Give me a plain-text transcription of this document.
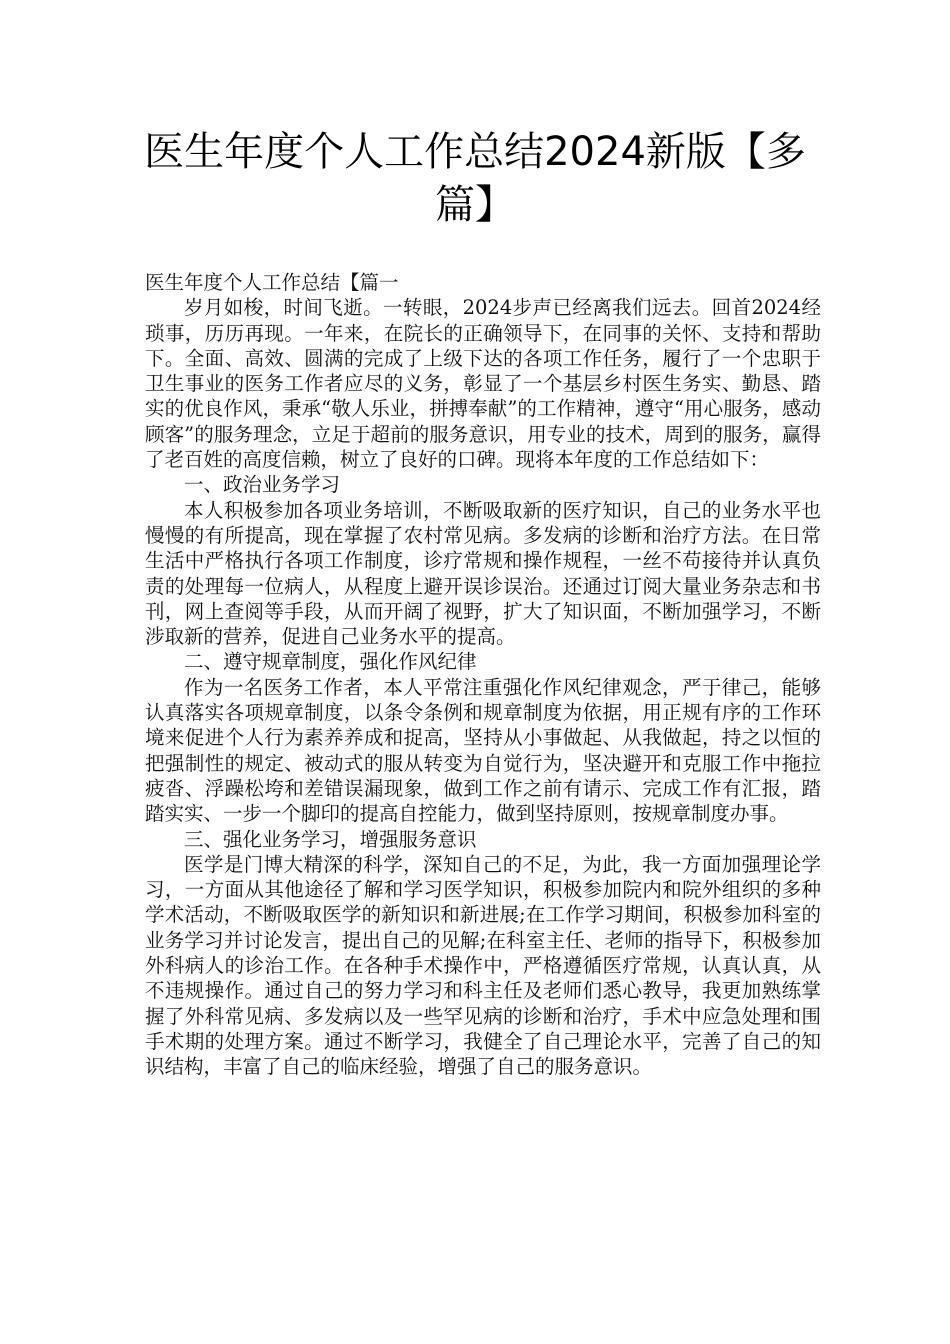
医生年度个人工作总结2024新版【多篇】

医生年度个人工作总结【篇一

岁月如梭，时间飞逝。一转眼，2024步声已经离我们远去。回首2024经琐事，历历再现。一年来，在院长的正确领导下，在同事的关怀、支持和帮助下。全面、高效、圆满的完成了上级下达的各项工作任务，履行了一个忠职于卫生事业的医务工作者应尽的义务，彰显了一个基层乡村医生务实、勤恳、踏实的优良作风，秉承“敬人乐业，拼搏奉献”的工作精神，遵守“用心服务，感动顾客”的服务理念，立足于超前的服务意识，用专业的技术，周到的服务，赢得了老百姓的高度信赖，树立了良好的口碑。现将本年度的工作总结如下：

一、政治业务学习

本人积极参加各项业务培训，不断吸取新的医疗知识，自己的业务水平也慢慢的有所提高，现在掌握了农村常见病。多发病的诊断和治疗方法。在日常生活中严格执行各项工作制度，诊疗常规和操作规程，一丝不苟接待并认真负责的处理每一位病人，从程度上避开误诊误治。还通过订阅大量业务杂志和书刊，网上查阅等手段，从而开阔了视野，扩大了知识面，不断加强学习，不断涉取新的营养，促进自己业务水平的提高。

二、遵守规章制度，强化作风纪律

作为一名医务工作者，本人平常注重强化作风纪律观念，严于律己，能够认真落实各项规章制度，以条令条例和规章制度为依据，用正规有序的工作环境来促进个人行为素养养成和捉高，坚持从小事做起、从我做起，持之以恒的把强制性的规定、被动式的服从转变为自觉行为，坚决避开和克服工作中拖拉疲沓、浮躁松垮和差错误漏现象，做到工作之前有请示、完成工作有汇报，踏踏实实、一步一个脚印的提高自控能力，做到坚持原则，按规章制度办事。

三、强化业务学习，增强服务意识

医学是门博大精深的科学，深知自己的不足，为此，我一方面加强理论学习，一方面从其他途径了解和学习医学知识，积极参加院内和院外组织的多种学术活动，不断吸取医学的新知识和新进展;在工作学习期间，积极参加科室的业务学习并讨论发言，提出自己的见解;在科室主任、老师的指导下，积极参加外科病人的诊治工作。在各种手术操作中，严格遵循医疗常规，认真认真，从不违规操作。通过自己的努力学习和科主任及老师们悉心教导，我更加熟练掌握了外科常见病、多发病以及一些罕见病的诊断和治疗，手术中应急处理和围手术期的处理方案。通过不断学习，我健全了自己理论水平，完善了自己的知识结构，丰富了自己的临床经验，增强了自己的服务意识。
